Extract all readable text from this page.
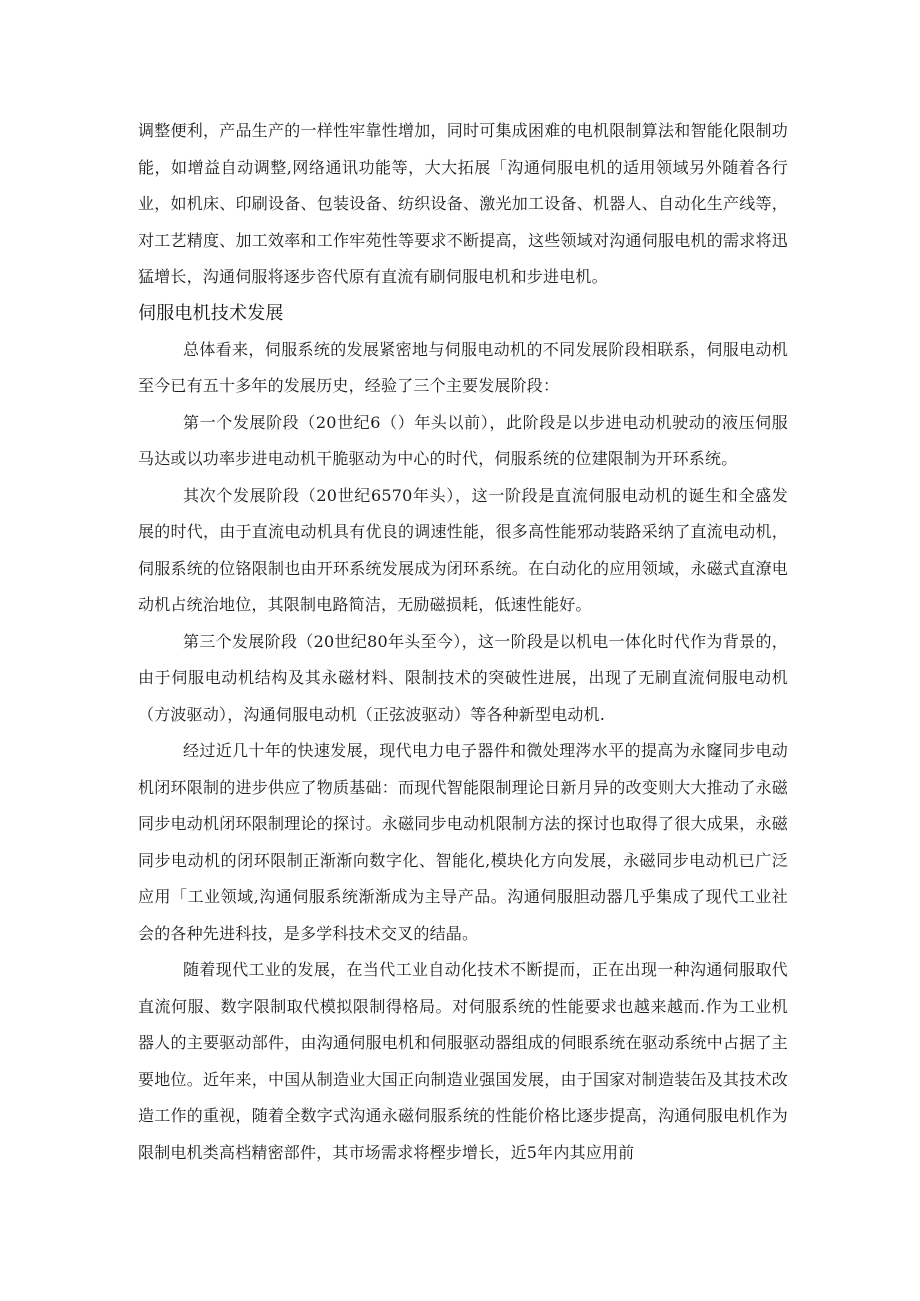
调整便利，产品生产的一样性牢靠性增加，同时可集成困难的电机限制算法和智能化限制功能，如增益自动调整,网络通讯功能等，大大拓展「沟通伺服电机的适用领域另外随着各行业，如机床、印刷设备、包装设备、纺织设备、激光加工设备、机器人、自动化生产线等，对工艺精度、加工效率和工作牢苑性等要求不断提高，这些领域对沟通伺服电机的需求将迅猛增长，沟通伺服将逐步咨代原有直流有刷伺服电机和步进电机。

伺服电机技术发展

总体看来，伺服系统的发展紧密地与伺服电动机的不同发展阶段相联系，伺服电动机至今已有五十多年的发展历史，经验了三个主要发展阶段：

第一个发展阶段（20世纪6（）年头以前），此阶段是以步进电动机驶动的液压伺服马达或以功率步进电动机干脆驱动为中心的时代，伺服系统的位建限制为开环系统。

其次个发展阶段（20世纪6570年头），这一阶段是直流伺服电动机的诞生和全盛发展的时代，由于直流电动机具有优良的调速性能，很多高性能邪动装路采纳了直流电动机，伺服系统的位铬限制也由开环系统发展成为闭环系统。在白动化的应用领域，永磁式直潦电动机占统治地位，其限制电路简洁，无励磁损耗，低速性能好。

第三个发展阶段（20世纪80年头至今），这一阶段是以机电一体化时代作为背景的，由于伺服电动机结构及其永磁材料、限制技术的突破性进展，出现了无刷直流伺服电动机（方波驱动），沟通伺服电动机（正弦波驱动）等各种新型电动机.

经过近几十年的快速发展，现代电力电子器件和微处理涔水平的提高为永窿同步电动机闭环限制的进步供应了物质基础：而现代智能限制理论日新月异的改变则大大推动了永磁同步电动机闭环限制理论的探讨。永磁同步电动机限制方法的探讨也取得了很大成果，永磁同步电动机的闭环限制正渐渐向数字化、智能化,模块化方向发展，永磁同步电动机已广泛应用「工业领域,沟通伺服系统渐渐成为主导产品。沟通伺服胆动器几乎集成了现代工业社会的各种先进科技，是多学科技术交叉的结晶。

随着现代工业的发展，在当代工业自动化技术不断提而，正在出现一种沟通伺服取代直流何服、数字限制取代模拟限制得格局。对伺服系统的性能要求也越来越而.作为工业机器人的主要驱动部件，由沟通伺服电机和伺服驱动器组成的伺眼系统在驱动系统中占据了主要地位。近年来，中国从制造业大国正向制造业强国发展，由于国家对制造装缶及其技术改造工作的重视，随着全数字式沟通永磁伺服系统的性能价格比逐步提高，沟通伺服电机作为限制电机类高档精密部件，其市场需求将樫步增长，近5年内其应用前
